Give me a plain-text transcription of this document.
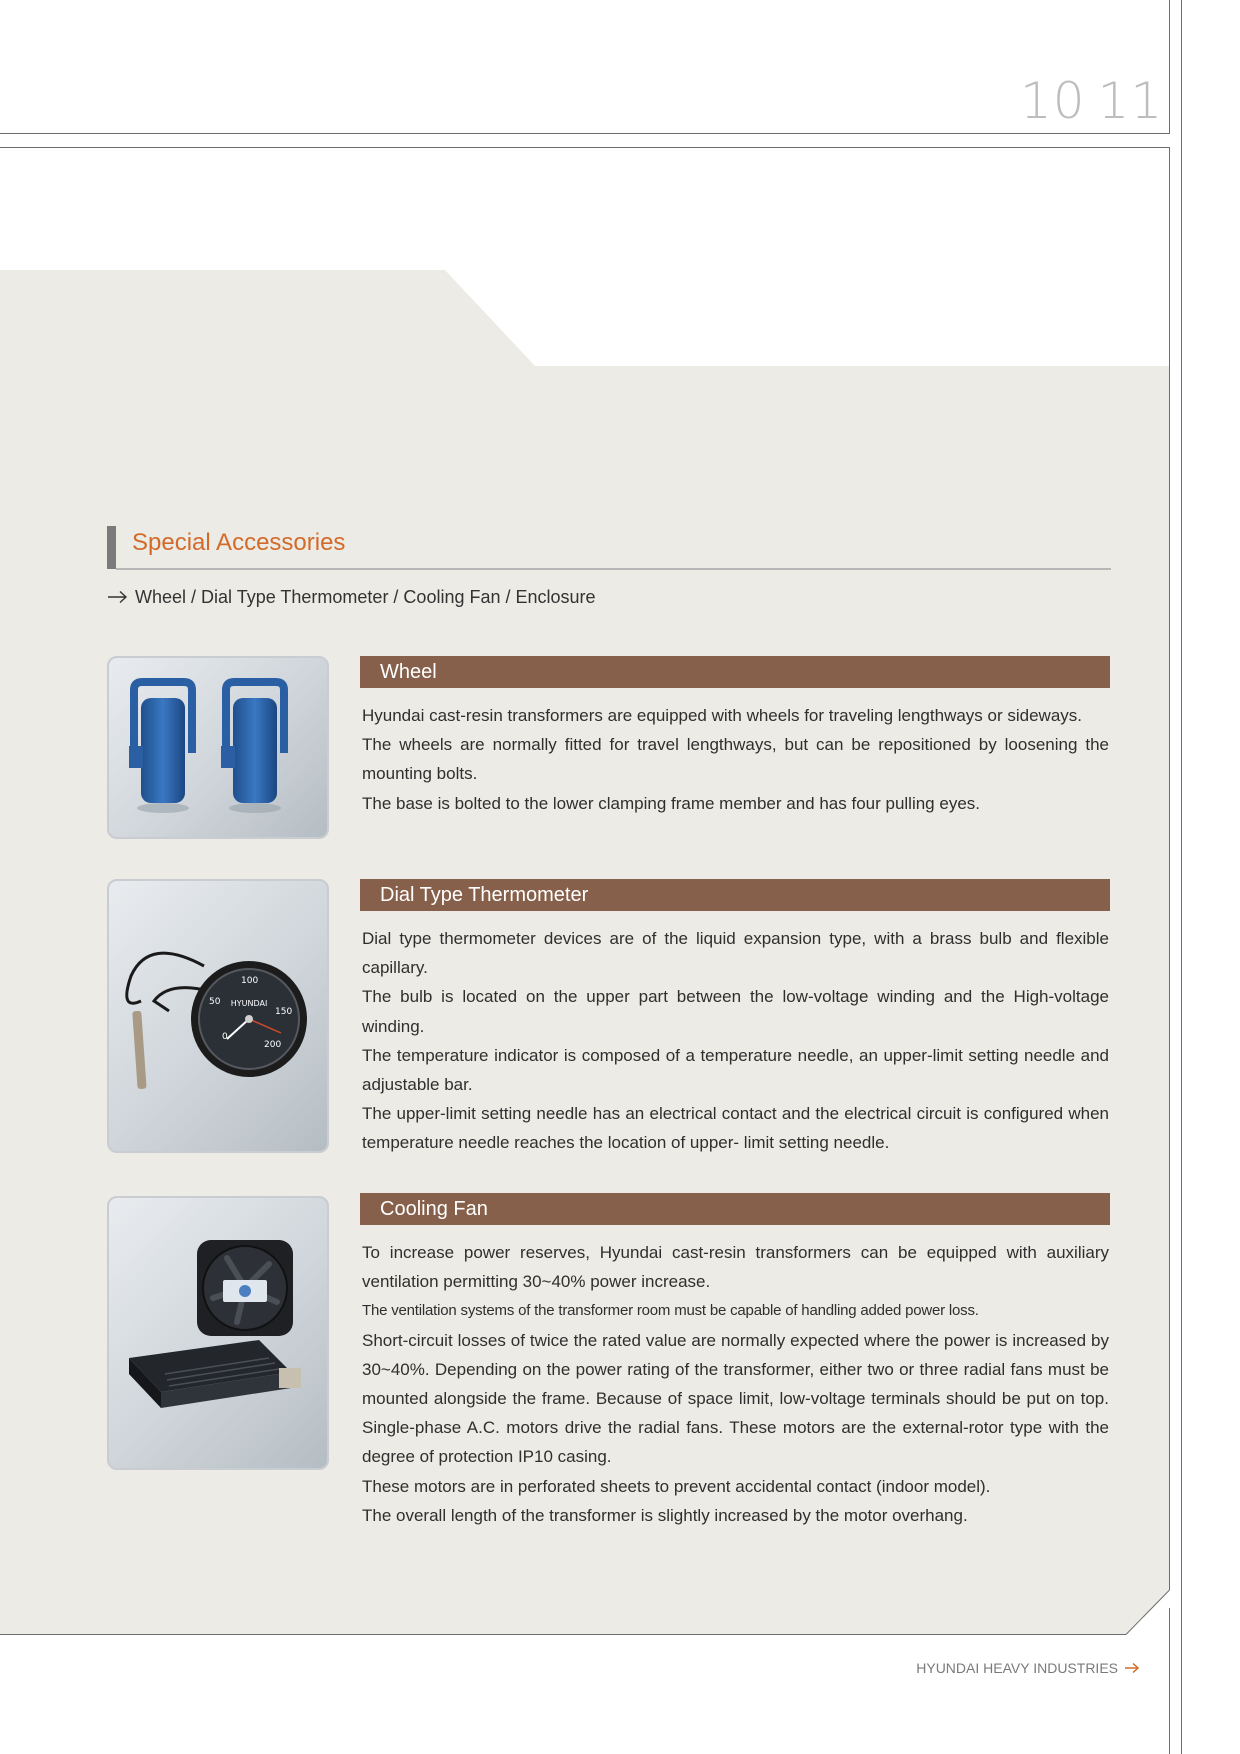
10 11
Special Accessories
Wheel / Dial Type Thermometer / Cooling Fan / Enclosure
Wheel

Hyundai cast-resin transformers are equipped with wheels for traveling lengthways or sideways.

The wheels are normally fitted for travel lengthways, but can be repositioned by loosening the mounting bolts.

The base is bolted to the lower clamping frame member and has four pulling eyes.

HYUNDAI
0
50
100
150
200
Dial Type Thermometer

Dial type thermometer devices are of the liquid expansion type, with a brass bulb and flexible capillary.

The bulb is located on the upper part between the low-voltage winding and the High-voltage winding.

The temperature indicator is composed of a temperature needle, an upper-limit setting needle and adjustable bar.

The upper-limit setting needle has an electrical contact and the electrical circuit is configured when temperature needle reaches the location of upper- limit setting needle.

Cooling Fan

To increase power reserves, Hyundai cast-resin transformers can be equipped with auxiliary ventilation permitting 30~40% power increase.

The ventilation systems of the transformer room must be capable of handling added power loss.

Short-circuit losses of twice the rated value are normally expected where the power is increased by 30~40%. Depending on the power rating of the transformer, either two or three radial fans must be mounted alongside the frame. Because of space limit, low-voltage terminals should be put on top. Single-phase A.C. motors drive the radial fans. These motors are the external-rotor type with the degree of protection IP10 casing.

These motors are in perforated sheets to prevent accidental contact (indoor model).

The overall length of the transformer is slightly increased by the motor overhang.

HYUNDAI HEAVY INDUSTRIES
